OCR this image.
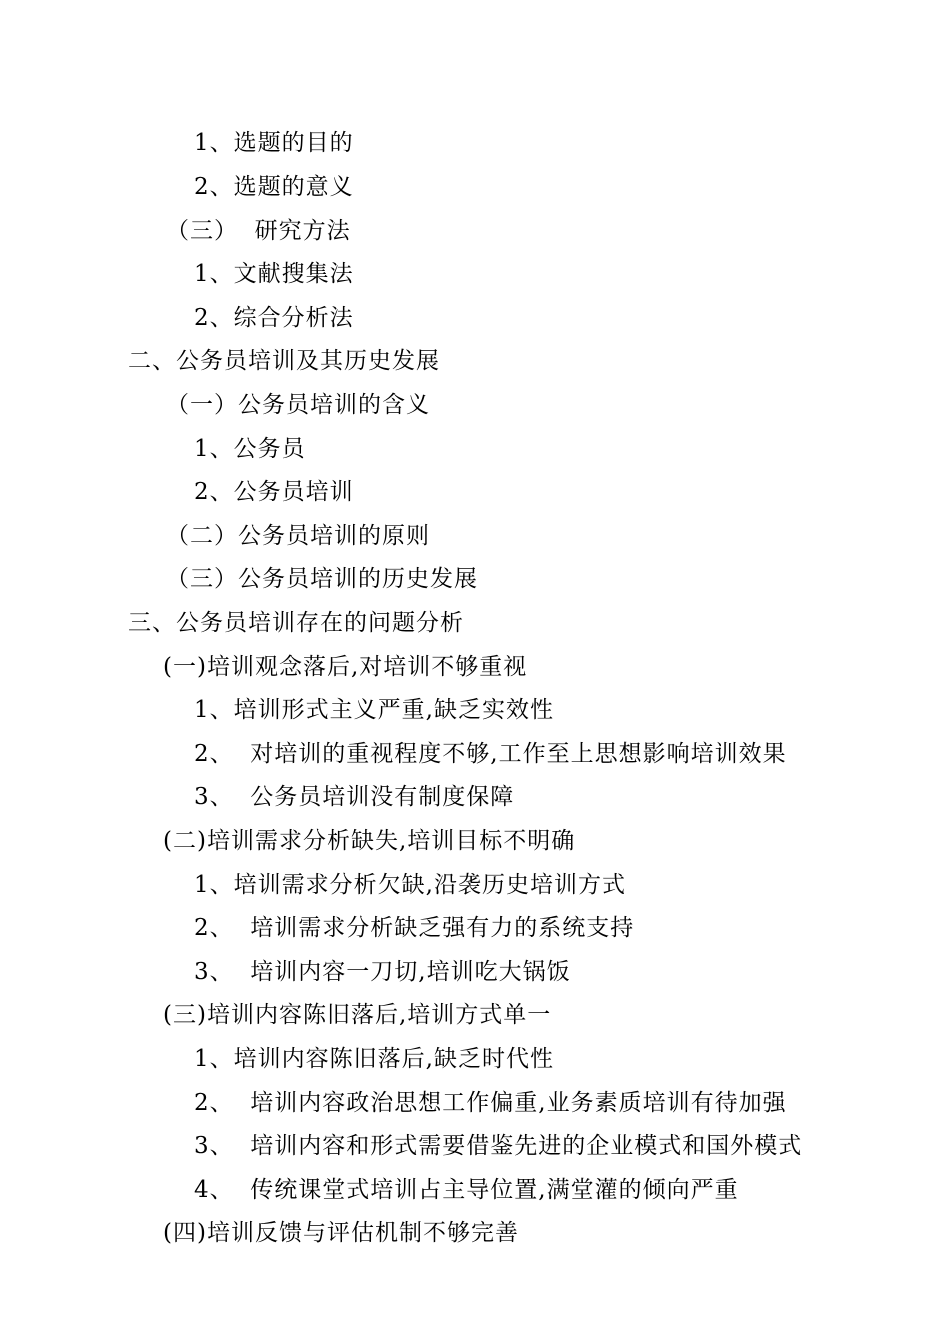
1、选题的目的
2、选题的意义
（三）  研究方法
1、文献搜集法
2、综合分析法
二、公务员培训及其历史发展
（一）公务员培训的含义
1、公务员
2、公务员培训
（二）公务员培训的原则
（三）公务员培训的历史发展
三、公务员培训存在的问题分析
(一)培训观念落后,对培训不够重视
1、培训形式主义严重,缺乏实效性
2、  对培训的重视程度不够,工作至上思想影响培训效果
3、  公务员培训没有制度保障
(二)培训需求分析缺失,培训目标不明确
1、培训需求分析欠缺,沿袭历史培训方式
2、  培训需求分析缺乏强有力的系统支持
3、  培训内容一刀切,培训吃大锅饭
(三)培训内容陈旧落后,培训方式单一
1、培训内容陈旧落后,缺乏时代性
2、  培训内容政治思想工作偏重,业务素质培训有待加强
3、  培训内容和形式需要借鉴先进的企业模式和国外模式
4、  传统课堂式培训占主导位置,满堂灌的倾向严重
(四)培训反馈与评估机制不够完善
